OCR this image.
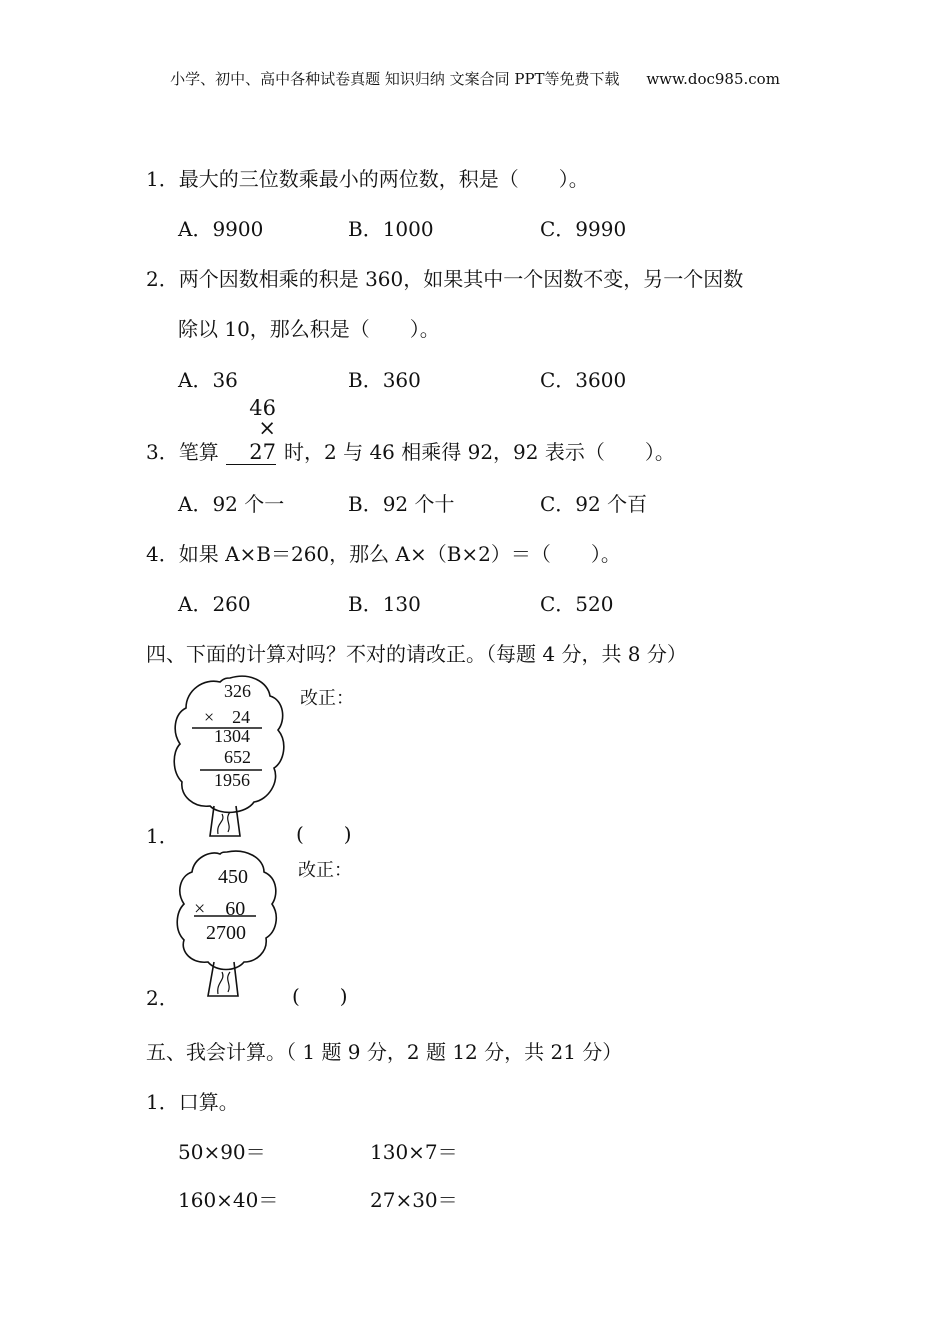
小学、初中、高中各种试卷真题 知识归纳 文案合同 PPT等免费下载 www.doc985.com
1．最大的三位数乘最小的两位数，积是（　　）。
A．9900	B．1000	C．9990
2．两个因数相乘的积是 360，如果其中一个因数不变，另一个因数
除以 10，那么积是（　　）。
A．36	B．360	C．3600
3．笔算
46
× 27 时，2 与 46 相乘得 92，92 表示（　　）。
A．92 个一	B．92 个十	C．92 个百
4．如果 A×B＝260，那么 A×（B×2）＝（　　）。
A．260	B．130	C．520
四、下面的计算对吗？不对的请改正。（每题 4 分，共 8 分）
326
×　24
1304
652
1956
改正：
1．	(　　)
450
×　60
2700
改正：
2．	(　　)
五、我会计算。（ 1 题 9 分，2 题 12 分，共 21 分）
1．口算。
50×90＝	130×7＝
160×40＝	27×30＝
